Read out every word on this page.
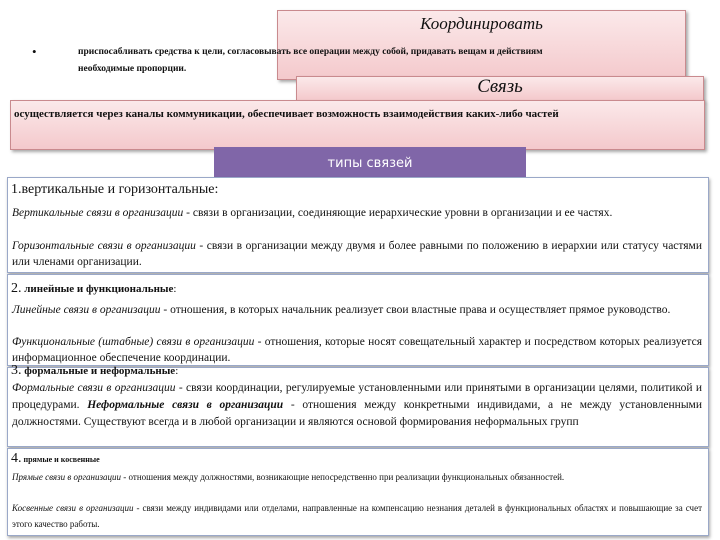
Координировать
•	приспосабливать средства к цели, согласовывать все операции между собой, придавать вещам и действиям
необходимые пропорции.
Связь
осуществляется через каналы коммуникации, обеспечивает возможность взаимодействия каких-либо частей
типы связей
1.вертикальные и горизонтальные:

Вертикальные связи в организации - связи в организации, соединяющие иерархические уровни в организации и ее частях.

Горизонтальные связи в организации - связи в организации между двумя и более равными по положению в иерархии или статусу частями или членами организации.

2. линейные и функциональные:

Линейные связи в организации - отношения, в которых начальник реализует свои властные права и осуществляет прямое руководство.

Функциональные (штабные) связи в организации - отношения, которые носят совещательный характер и посредством которых реализуется информационное обеспечение координации.

3. формальные и неформальные:

Формальные связи в организации - связи координации, регулируемые установленными или принятыми в организации целями, политикой и процедурами. Неформальные связи в организации - отношения между конкретными индивидами, а не между установленными должностями. Существуют всегда и в любой организации и являются основой формирования неформальных групп

4. прямые и косвенные

Прямые связи в организации - отношения между должностями, возникающие непосредственно при реализации функциональных обязанностей.

Косвенные связи в организации - связи между индивидами или отделами, направленные на компенсацию незнания деталей в функциональных областях и повышающие за счет этого качество работы.
